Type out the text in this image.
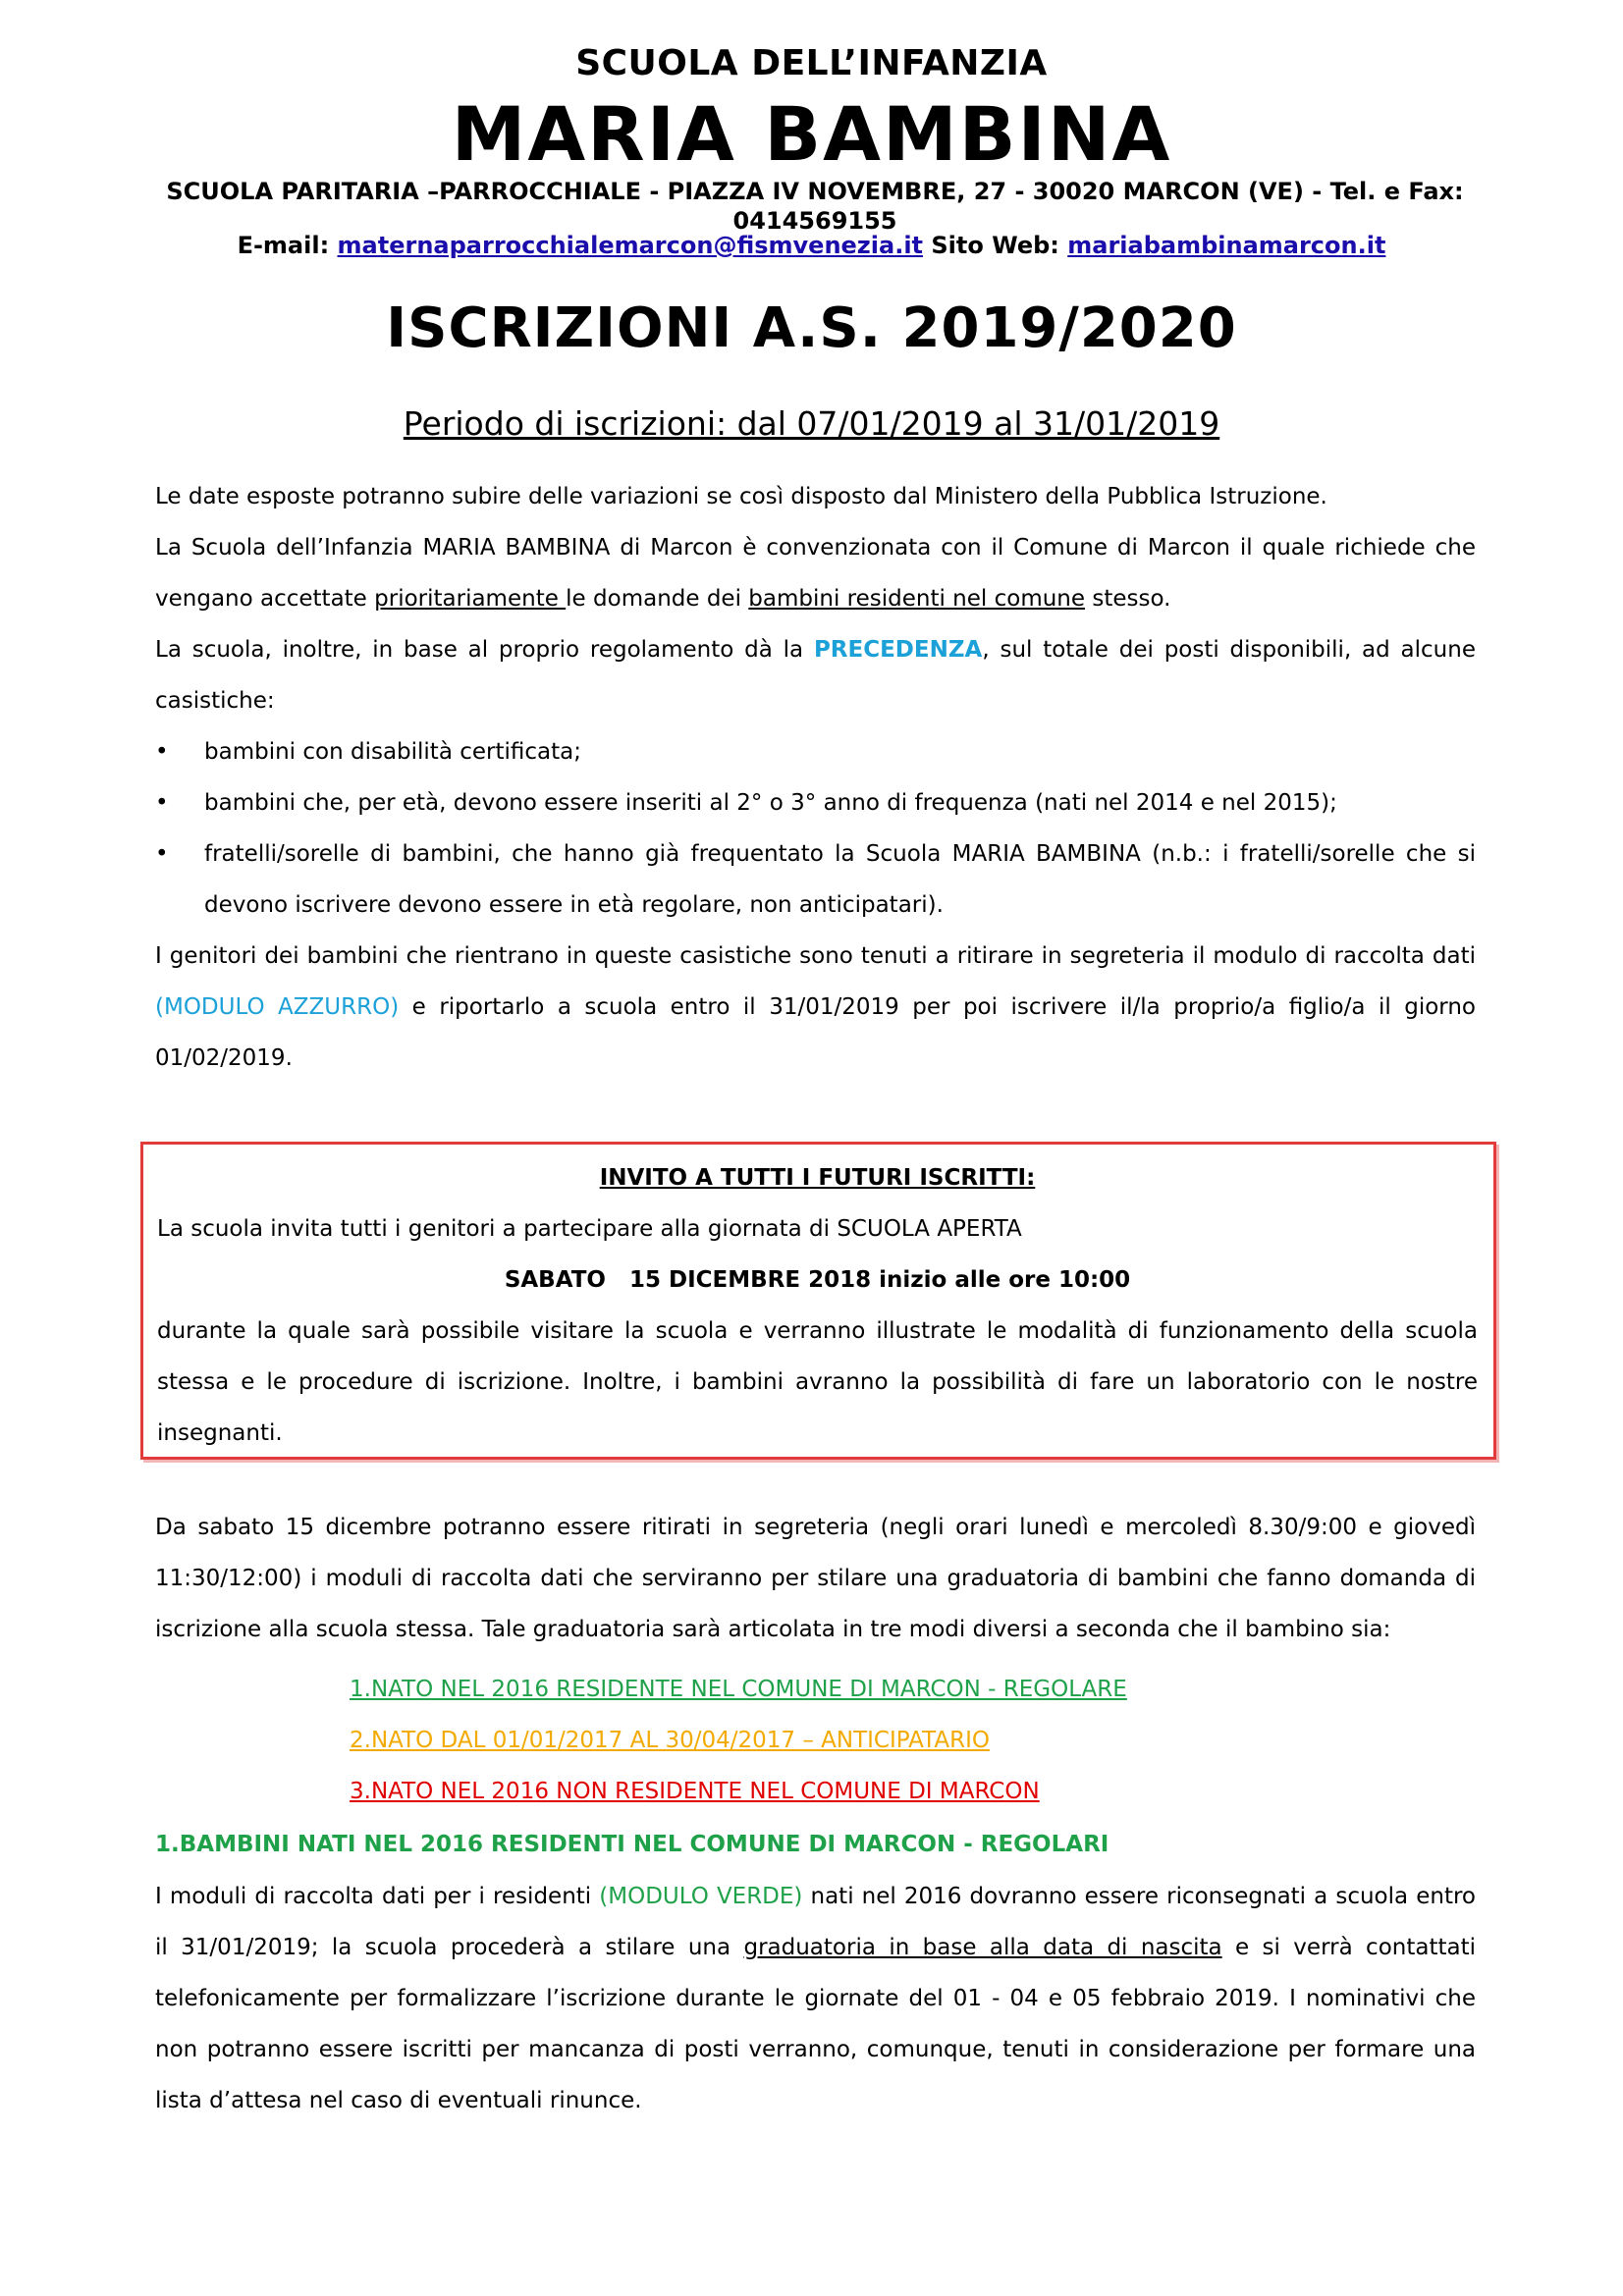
SCUOLA DELL’INFANZIA
MARIA BAMBINA
SCUOLA PARITARIA –PARROCCHIALE - PIAZZA IV NOVEMBRE, 27 - 30020 MARCON (VE) - Tel. e Fax: 0414569155
E-mail: maternaparrocchialemarcon@fismvenezia.it Sito Web: mariabambinamarcon.it
ISCRIZIONI A.S. 2019/2020
Periodo di iscrizioni: dal 07/01/2019 al 31/01/2019
Le date esposte potranno subire delle variazioni se così disposto dal Ministero della Pubblica Istruzione.
La Scuola dell’Infanzia MARIA BAMBINA di Marcon è convenzionata con il Comune di Marcon il quale richiede che vengano accettate prioritariamente le domande dei bambini residenti nel comune stesso.
La scuola, inoltre, in base al proprio regolamento dà la PRECEDENZA, sul totale dei posti disponibili, ad alcune casistiche:
• bambini con disabilità certificata;
• bambini che, per età, devono essere inseriti al 2° o 3° anno di frequenza (nati nel 2014 e nel 2015);
• fratelli/sorelle di bambini, che hanno già frequentato la Scuola MARIA BAMBINA (n.b.: i fratelli/sorelle che si devono iscrivere devono essere in età regolare, non anticipatari).
I genitori dei bambini che rientrano in queste casistiche sono tenuti a ritirare in segreteria il modulo di raccolta dati (MODULO AZZURRO) e riportarlo a scuola entro il 31/01/2019 per poi iscrivere il/la proprio/a figlio/a il giorno 01/02/2019.
INVITO A TUTTI I FUTURI ISCRITTI:
La scuola invita tutti i genitori a partecipare alla giornata di SCUOLA APERTA
SABATO   15 DICEMBRE 2018 inizio alle ore 10:00
durante la quale sarà possibile visitare la scuola e verranno illustrate le modalità di funzionamento della scuola stessa e le procedure di iscrizione. Inoltre, i bambini avranno la possibilità di fare un laboratorio con le nostre insegnanti.
Da sabato 15 dicembre potranno essere ritirati in segreteria (negli orari lunedì e mercoledì 8.30/9:00 e giovedì 11:30/12:00) i moduli di raccolta dati che serviranno per stilare una graduatoria di bambini che fanno domanda di iscrizione alla scuola stessa. Tale graduatoria sarà articolata in tre modi diversi a seconda che il bambino sia:
1.NATO NEL 2016 RESIDENTE NEL COMUNE DI MARCON - REGOLARE
2.NATO DAL 01/01/2017 AL 30/04/2017 – ANTICIPATARIO
3.NATO NEL 2016 NON RESIDENTE NEL COMUNE DI MARCON
1.BAMBINI NATI NEL 2016 RESIDENTI NEL COMUNE DI MARCON - REGOLARI
I moduli di raccolta dati per i residenti (MODULO VERDE) nati nel 2016 dovranno essere riconsegnati a scuola entro il 31/01/2019; la scuola procederà a stilare una graduatoria in base alla data di nascita e si verrà contattati telefonicamente per formalizzare l’iscrizione durante le giornate del 01 - 04 e 05 febbraio 2019. I nominativi che non potranno essere iscritti per mancanza di posti verranno, comunque, tenuti in considerazione per formare una lista d’attesa nel caso di eventuali rinunce.
